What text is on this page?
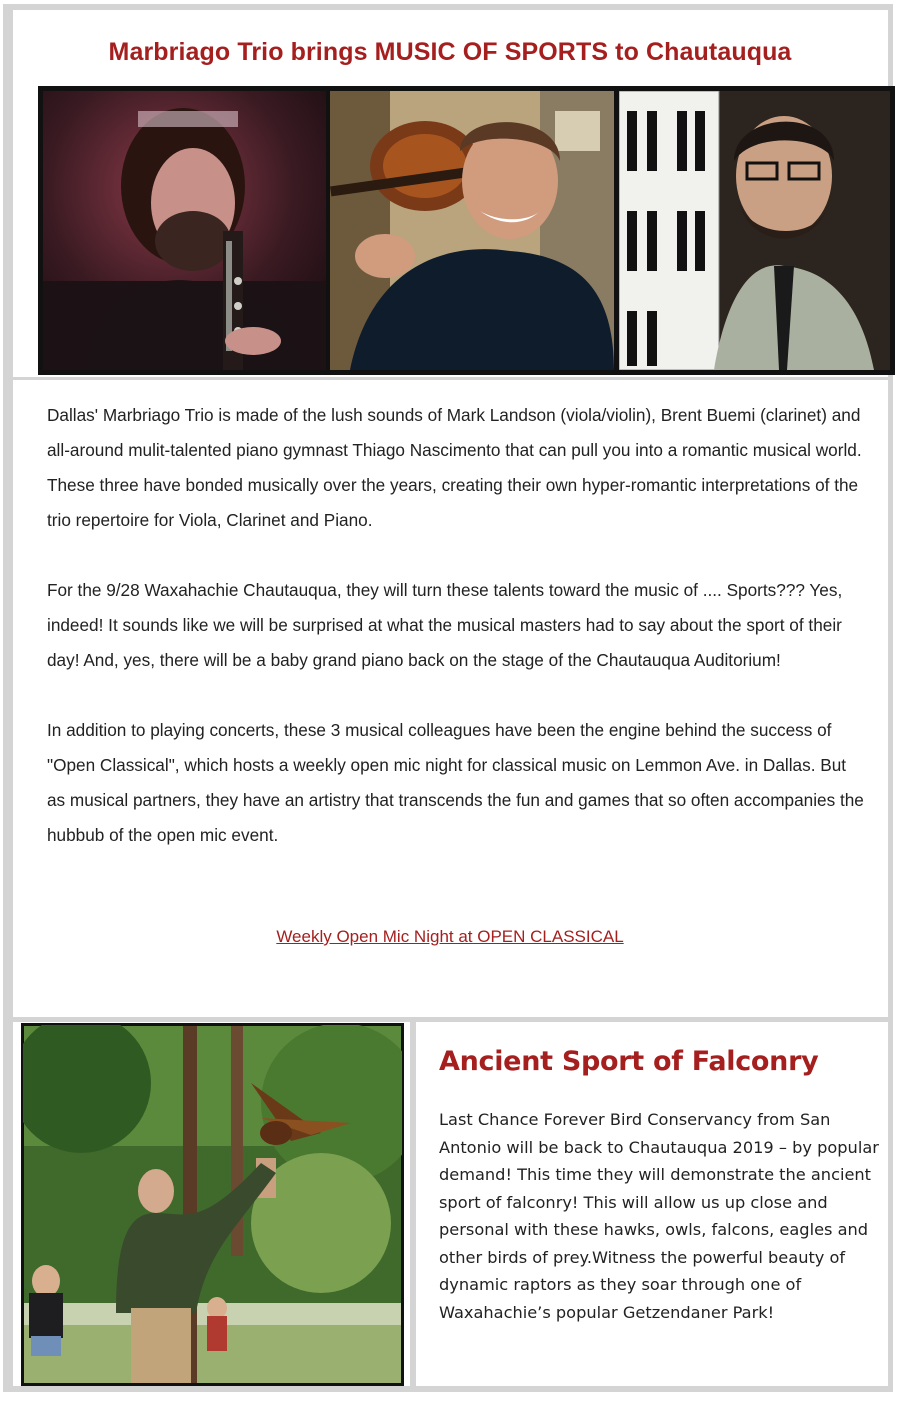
Marbriago Trio brings MUSIC OF SPORTS to Chautauqua

Dallas' Marbriago Trio is made of the lush sounds of Mark Landson (viola/violin), Brent Buemi (clarinet) and all-around mulit-talented piano gymnast Thiago Nascimento that can pull you into a romantic musical world. These three have bonded musically over the years, creating their own hyper-romantic interpretations of the trio repertoire for Viola, Clarinet and Piano.

For the 9/28 Waxahachie Chautauqua, they will turn these talents toward the music of .... Sports??? Yes, indeed! It sounds like we will be surprised at what the musical masters had to say about the sport of their day! And, yes, there will be a baby grand piano back on the stage of the Chautauqua Auditorium!

In addition to playing concerts, these 3 musical colleagues have been the engine behind the success of "Open Classical", which hosts a weekly open mic night for classical music on Lemmon Ave. in Dallas. But as musical partners, they have an artistry that transcends the fun and games that so often accompanies the hubbub of the open mic event.

Weekly Open Mic Night at OPEN CLASSICAL
Ancient Sport of Falconry
Last Chance Forever Bird Conservancy from San Antonio will be back to Chautauqua 2019 – by popular demand! This time they will demonstrate the ancient sport of falconry! This will allow us up close and personal with these hawks, owls, falcons, eagles and other birds of prey.Witness the powerful beauty of dynamic raptors as they soar through one of Waxahachie’s popular Getzendaner Park!
